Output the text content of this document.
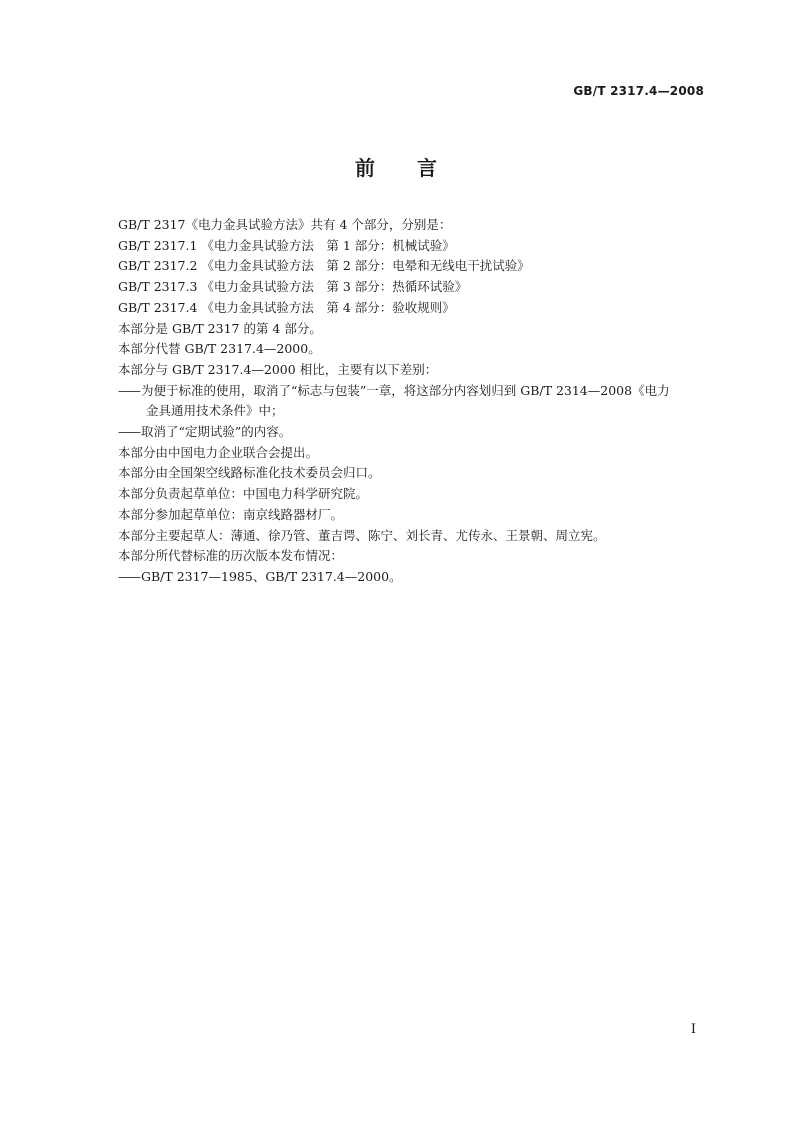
GB/T 2317.4—2008
前 言
GB/T 2317《电力金具试验方法》共有 4 个部分，分别是：
GB/T 2317.1 《电力金具试验方法　第 1 部分：机械试验》
GB/T 2317.2 《电力金具试验方法　第 2 部分：电晕和无线电干扰试验》
GB/T 2317.3 《电力金具试验方法　第 3 部分：热循环试验》
GB/T 2317.4 《电力金具试验方法　第 4 部分：验收规则》
本部分是 GB/T 2317 的第 4 部分。
本部分代替 GB/T 2317.4—2000。
本部分与 GB/T 2317.4—2000 相比，主要有以下差别：
—— 为便于标准的使用，取消了“标志与包装”一章，将这部分内容划归到 GB/T 2314—2008《电力
金具通用技术条件》中；
—— 取消了“定期试验”的内容。
本部分由中国电力企业联合会提出。
本部分由全国架空线路标准化技术委员会归口。
本部分负责起草单位：中国电力科学研究院。
本部分参加起草单位：南京线路器材厂。
本部分主要起草人：薄通、徐乃管、董吉谔、陈宁、刘长青、尤传永、王景朝、周立宪。
本部分所代替标准的历次版本发布情况：
—— GB/T 2317—1985、GB/T 2317.4—2000。
I
